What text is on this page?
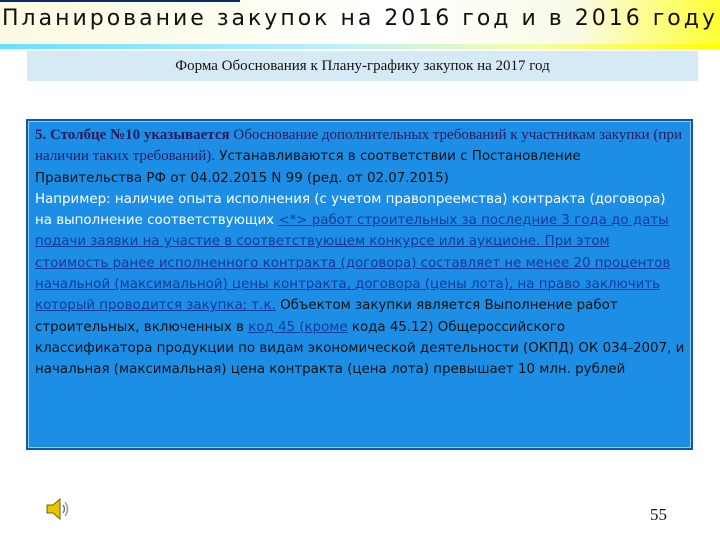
Планирование закупок на 2016 год и в 2016 году
Форма Обоснования к Плану-графику закупок на 2017 год
5. Столбце №10 указывается Обоснование дополнительных требований к участникам закупки (при наличии таких требований). Устанавливаются в соответствии с Постановление Правительства РФ от 04.02.2015 N 99 (ред. от 02.07.2015)
Например: наличие опыта исполнения (с учетом правопреемства) контракта (договора) на выполнение соответствующих <*> работ строительных за последние 3 года до даты подачи заявки на участие в соответствующем конкурсе или аукционе. При этом стоимость ранее исполненного контракта (договора) составляет не менее 20 процентов начальной (максимальной) цены контракта, договора (цены лота), на право заключить который проводится закупка; т.к. Объектом закупки является Выполнение работ строительных, включенных в код 45 (кроме кода 45.12) Общероссийского классификатора продукции по видам экономической деятельности (ОКПД) ОК 034-2007, и начальная (максимальная) цена контракта (цена лота) превышает 10 млн. рублей
55
